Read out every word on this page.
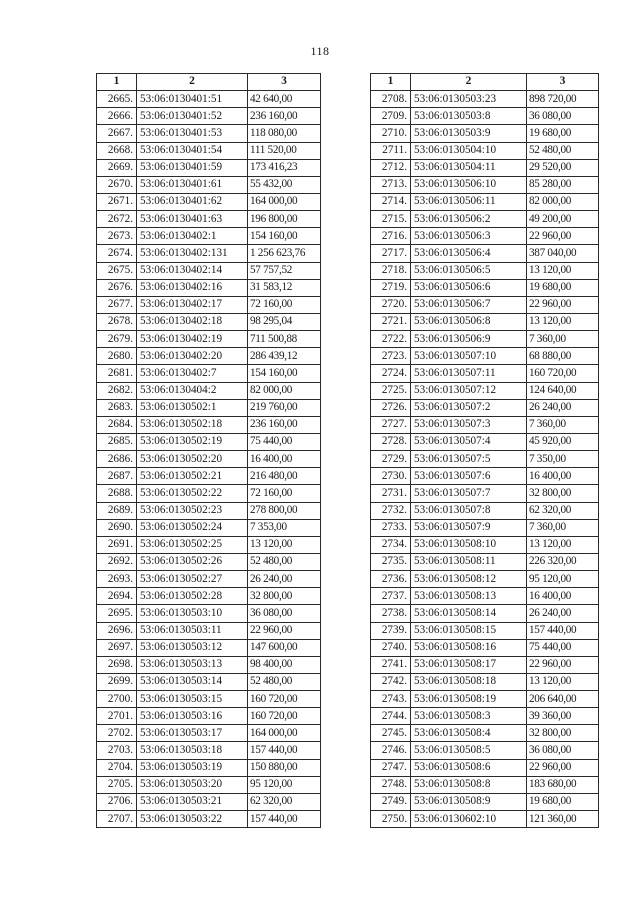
118
1	2	3
2665.	53:06:0130401:51	42 640,00
2666.	53:06:0130401:52	236 160,00
2667.	53:06:0130401:53	118 080,00
2668.	53:06:0130401:54	111 520,00
2669.	53:06:0130401:59	173 416,23
2670.	53:06:0130401:61	55 432,00
2671.	53:06:0130401:62	164 000,00
2672.	53:06:0130401:63	196 800,00
2673.	53:06:0130402:1	154 160,00
2674.	53:06:0130402:131	1 256 623,76
2675.	53:06:0130402:14	57 757,52
2676.	53:06:0130402:16	31 583,12
2677.	53:06:0130402:17	72 160,00
2678.	53:06:0130402:18	98 295,04
2679.	53:06:0130402:19	711 500,88
2680.	53:06:0130402:20	286 439,12
2681.	53:06:0130402:7	154 160,00
2682.	53:06:0130404:2	82 000,00
2683.	53:06:0130502:1	219 760,00
2684.	53:06:0130502:18	236 160,00
2685.	53:06:0130502:19	75 440,00
2686.	53:06:0130502:20	16 400,00
2687.	53:06:0130502:21	216 480,00
2688.	53:06:0130502:22	72 160,00
2689.	53:06:0130502:23	278 800,00
2690.	53:06:0130502:24	7 353,00
2691.	53:06:0130502:25	13 120,00
2692.	53:06:0130502:26	52 480,00
2693.	53:06:0130502:27	26 240,00
2694.	53:06:0130502:28	32 800,00
2695.	53:06:0130503:10	36 080,00
2696.	53:06:0130503:11	22 960,00
2697.	53:06:0130503:12	147 600,00
2698.	53:06:0130503:13	98 400,00
2699.	53:06:0130503:14	52 480,00
2700.	53:06:0130503:15	160 720,00
2701.	53:06:0130503:16	160 720,00
2702.	53:06:0130503:17	164 000,00
2703.	53:06:0130503:18	157 440,00
2704.	53:06:0130503:19	150 880,00
2705.	53:06:0130503:20	95 120,00
2706.	53:06:0130503:21	62 320,00
2707.	53:06:0130503:22	157 440,00
1	2	3
2708.	53:06:0130503:23	898 720,00
2709.	53:06:0130503:8	36 080,00
2710.	53:06:0130503:9	19 680,00
2711.	53:06:0130504:10	52 480,00
2712.	53:06:0130504:11	29 520,00
2713.	53:06:0130506:10	85 280,00
2714.	53:06:0130506:11	82 000,00
2715.	53:06:0130506:2	49 200,00
2716.	53:06:0130506:3	22 960,00
2717.	53:06:0130506:4	387 040,00
2718.	53:06:0130506:5	13 120,00
2719.	53:06:0130506:6	19 680,00
2720.	53:06:0130506:7	22 960,00
2721.	53:06:0130506:8	13 120,00
2722.	53:06:0130506:9	7 360,00
2723.	53:06:0130507:10	68 880,00
2724.	53:06:0130507:11	160 720,00
2725.	53:06:0130507:12	124 640,00
2726.	53:06:0130507:2	26 240,00
2727.	53:06:0130507:3	7 360,00
2728.	53:06:0130507:4	45 920,00
2729.	53:06:0130507:5	7 350,00
2730.	53:06:0130507:6	16 400,00
2731.	53:06:0130507:7	32 800,00
2732.	53:06:0130507:8	62 320,00
2733.	53:06:0130507:9	7 360,00
2734.	53:06:0130508:10	13 120,00
2735.	53:06:0130508:11	226 320,00
2736.	53:06:0130508:12	95 120,00
2737.	53:06:0130508:13	16 400,00
2738.	53:06:0130508:14	26 240,00
2739.	53:06:0130508:15	157 440,00
2740.	53:06:0130508:16	75 440,00
2741.	53:06:0130508:17	22 960,00
2742.	53:06:0130508:18	13 120,00
2743.	53:06:0130508:19	206 640,00
2744.	53:06:0130508:3	39 360,00
2745.	53:06:0130508:4	32 800,00
2746.	53:06:0130508:5	36 080,00
2747.	53:06:0130508:6	22 960,00
2748.	53:06:0130508:8	183 680,00
2749.	53:06:0130508:9	19 680,00
2750.	53:06:0130602:10	121 360,00
